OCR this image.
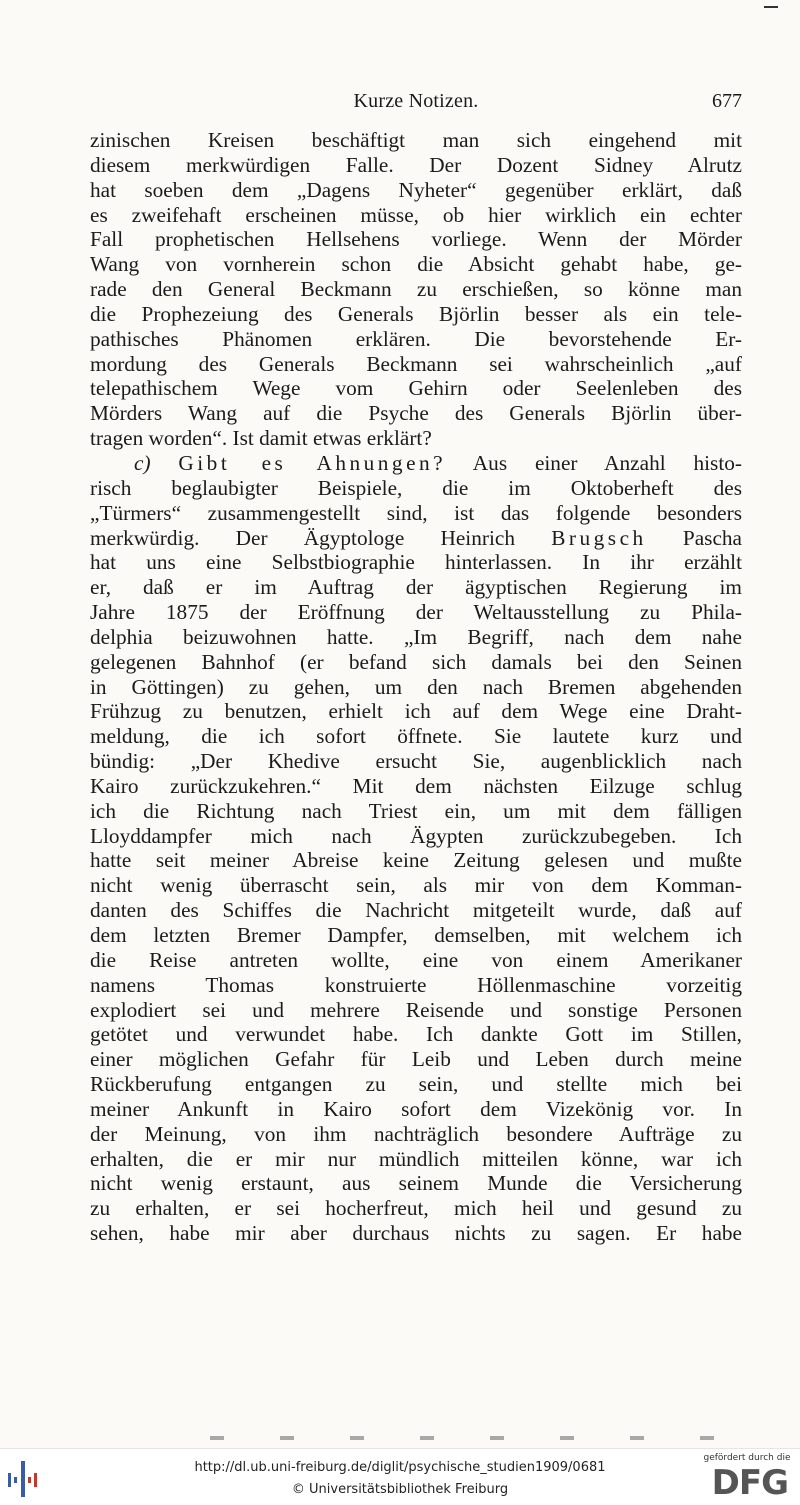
Kurze Notizen.	677
zinischen Kreisen beschäftigt man sich eingehend mit
diesem merkwürdigen Falle. Der Dozent Sidney Alrutz
hat soeben dem „Dagens Nyheter“ gegenüber erklärt, daß
es zweifehaft erscheinen müsse, ob hier wirklich ein echter
Fall prophetischen Hellsehens vorliege. Wenn der Mörder
Wang von vornherein schon die Absicht gehabt habe, ge-
rade den General Beckmann zu erschießen, so könne man
die Prophezeiung des Generals Björlin besser als ein tele-
pathisches Phänomen erklären. Die bevorstehende Er-
mordung des Generals Beckmann sei wahrscheinlich „auf
telepathischem Wege vom Gehirn oder Seelenleben des
Mörders Wang auf die Psyche des Generals Björlin über-
tragen worden“. Ist damit etwas erklärt?
c) Gibt es Ahnungen? Aus einer Anzahl histo-
risch beglaubigter Beispiele, die im Oktoberheft des
„Türmers“ zusammengestellt sind, ist das folgende besonders
merkwürdig. Der Ägyptologe Heinrich Brugsch Pascha
hat uns eine Selbstbiographie hinterlassen. In ihr erzählt
er, daß er im Auftrag der ägyptischen Regierung im
Jahre 1875 der Eröffnung der Weltausstellung zu Phila-
delphia beizuwohnen hatte. „Im Begriff, nach dem nahe
gelegenen Bahnhof (er befand sich damals bei den Seinen
in Göttingen) zu gehen, um den nach Bremen abgehenden
Frühzug zu benutzen, erhielt ich auf dem Wege eine Draht-
meldung, die ich sofort öffnete. Sie lautete kurz und
bündig: „Der Khedive ersucht Sie, augenblicklich nach
Kairo zurückzukehren.“ Mit dem nächsten Eilzuge schlug
ich die Richtung nach Triest ein, um mit dem fälligen
Lloyddampfer mich nach Ägypten zurückzubegeben. Ich
hatte seit meiner Abreise keine Zeitung gelesen und mußte
nicht wenig überrascht sein, als mir von dem Komman-
danten des Schiffes die Nachricht mitgeteilt wurde, daß auf
dem letzten Bremer Dampfer, demselben, mit welchem ich
die Reise antreten wollte, eine von einem Amerikaner
namens Thomas konstruierte Höllenmaschine vorzeitig
explodiert sei und mehrere Reisende und sonstige Personen
getötet und verwundet habe. Ich dankte Gott im Stillen,
einer möglichen Gefahr für Leib und Leben durch meine
Rückberufung entgangen zu sein, und stellte mich bei
meiner Ankunft in Kairo sofort dem Vizekönig vor. In
der Meinung, von ihm nachträglich besondere Aufträge zu
erhalten, die er mir nur mündlich mitteilen könne, war ich
nicht wenig erstaunt, aus seinem Munde die Versicherung
zu erhalten, er sei hocherfreut, mich heil und gesund zu
sehen, habe mir aber durchaus nichts zu sagen. Er habe
http://dl.ub.uni-freiburg.de/diglit/psychische_studien1909/0681
© Universitätsbibliothek Freiburg
gefördert durch die
DFG
